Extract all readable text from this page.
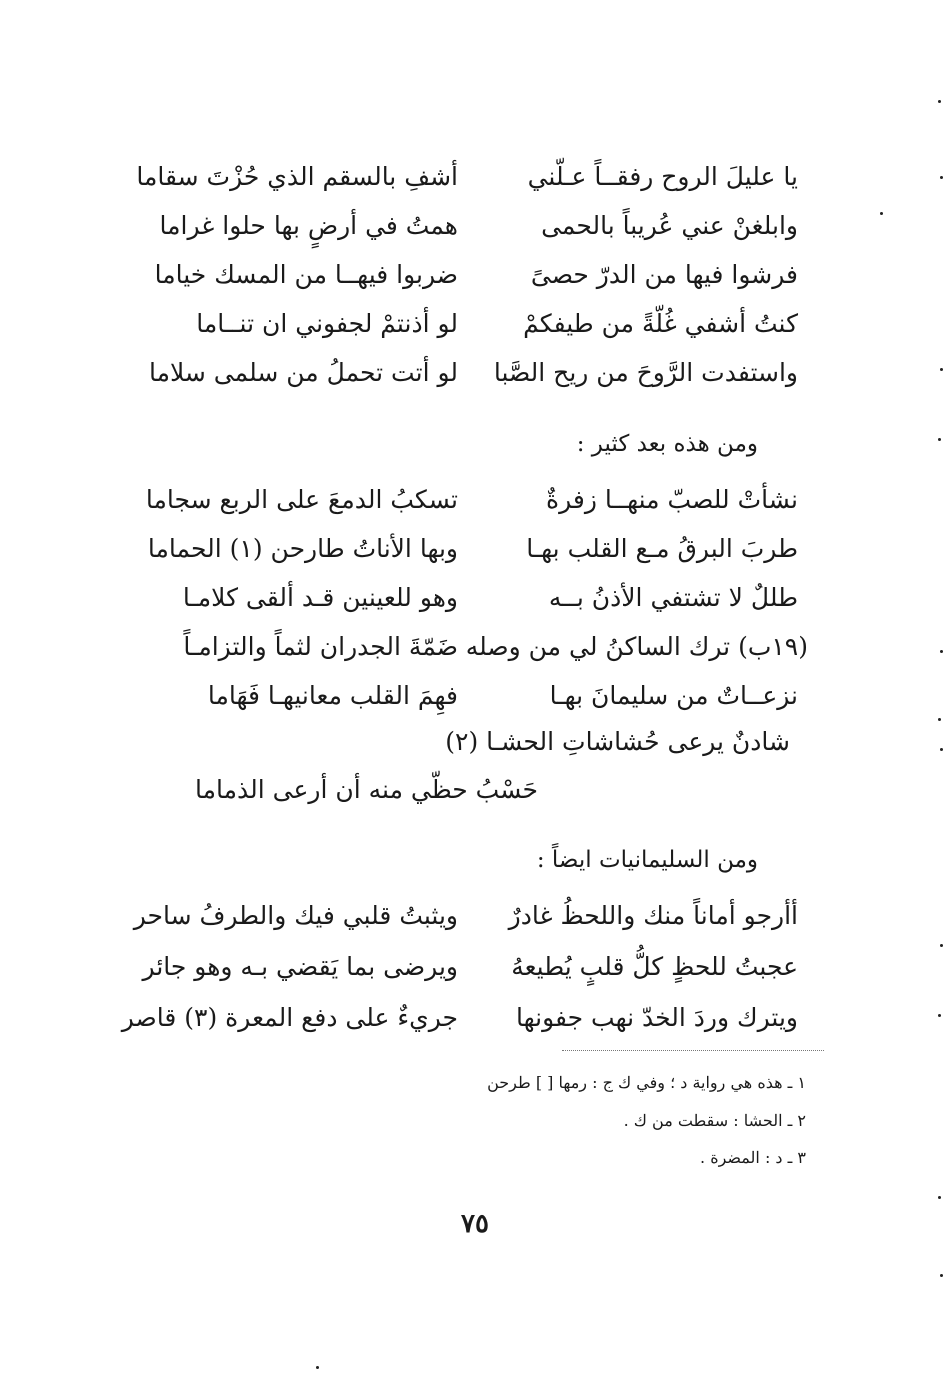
يا عليلَ الروح رفقــاً عـلّني
أشفِ بالسقم الذي حُزْتَ سقاما
وابلغنْ عني عُريباً بالحمى
همتُ في أرضٍ بها حلوا غراما
فرشوا فيها من الدرّ حصىً
ضربوا فيهــا من المسك خياما
كنتُ أشفي غُلّةً من طيفكمْ
لو أذنتمْ لجفوني ان تنــاما
واستفدت الرَّوحَ من ريح الصَّبا
لو أتت تحملُ من سلمى سلاما
ومن هذه بعد كثير :
نشأتْ للصبّ منهــا زفرةٌ
تسكبُ الدمعَ على الربع سجاما
طربَ البرقُ مـع القلب بهـا
وبها الأناتُ طارحن (١) الحماما
طللٌ لا تشتفي الأذنُ بــه
وهو للعينين قـد ألقى كلامـا
(١٩ب) ترك الساكنُ لي من وصله
ضَمّةَ الجدران لثماً والتزامـاً
نزعــاتٌ من سليمانَ بهـا
فهِمَ القلب معانيهـا فَهَاما
شادنٌ يرعى حُشاشاتِ الحشـا (٢)
حَسْبُ حظّي منه أن أرعى الذماما
ومن السليمانيات ايضاً :
أأرجو أماناً منك واللحظُ غادرٌ
ويثبتُ قلبي فيك والطرفُ ساحر
عجبتُ للحظٍ كلُّ قلبٍ يُطيعهُ
ويرضى بما يَقضي بـه وهو جائر
ويترك وردَ الخدّ نهب جفونها
جريءٌ على دفع المعرة (٣) قاصر
١ ـ هذه هي رواية د ؛ وفي ك ج : رمها [ ] طرحن
٢ ـ الحشا : سقطت من ك .
٣ ـ د : المضرة .
٧٥
